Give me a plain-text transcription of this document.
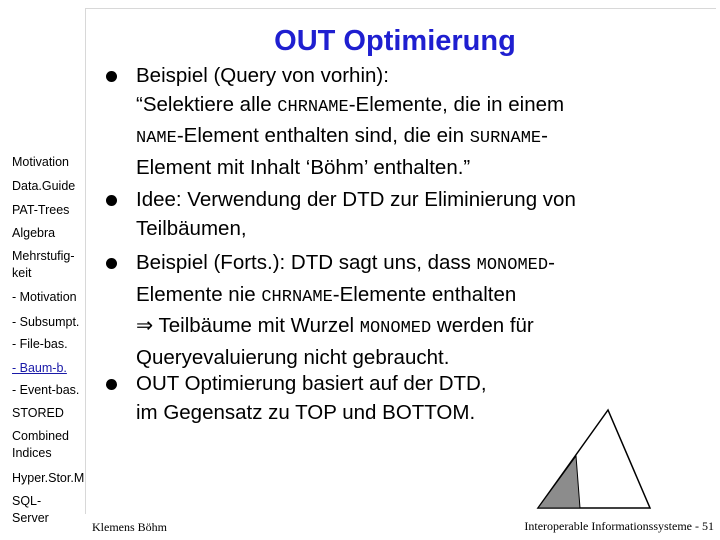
OUT Optimierung
Motivation
Data.Guide
PAT-Trees
Algebra
Mehrstufig-keit
- Motivation
- Subsumpt.
- File-bas.
- Baum-b.
- Event-bas.
STORED
Combined Indices
Hyper.Stor.M
SQL-Server
Beispiel (Query von vorhin):
“Selektiere alle CHRNAME-Elemente, die in einem
NAME-Element enthalten sind, die ein SURNAME-
Element mit Inhalt ‘Böhm’ enthalten.”
Idee: Verwendung der DTD zur Eliminierung von
Teilbäumen,
Beispiel (Forts.): DTD sagt uns, dass MONOMED-
Elemente nie CHRNAME-Elemente enthalten
⇒ Teilbäume mit Wurzel MONOMED werden für
Queryevaluierung nicht gebraucht.
OUT Optimierung basiert auf der DTD,
im Gegensatz zu TOP und BOTTOM.
Klemens Böhm	Interoperable Informationssysteme - 51
